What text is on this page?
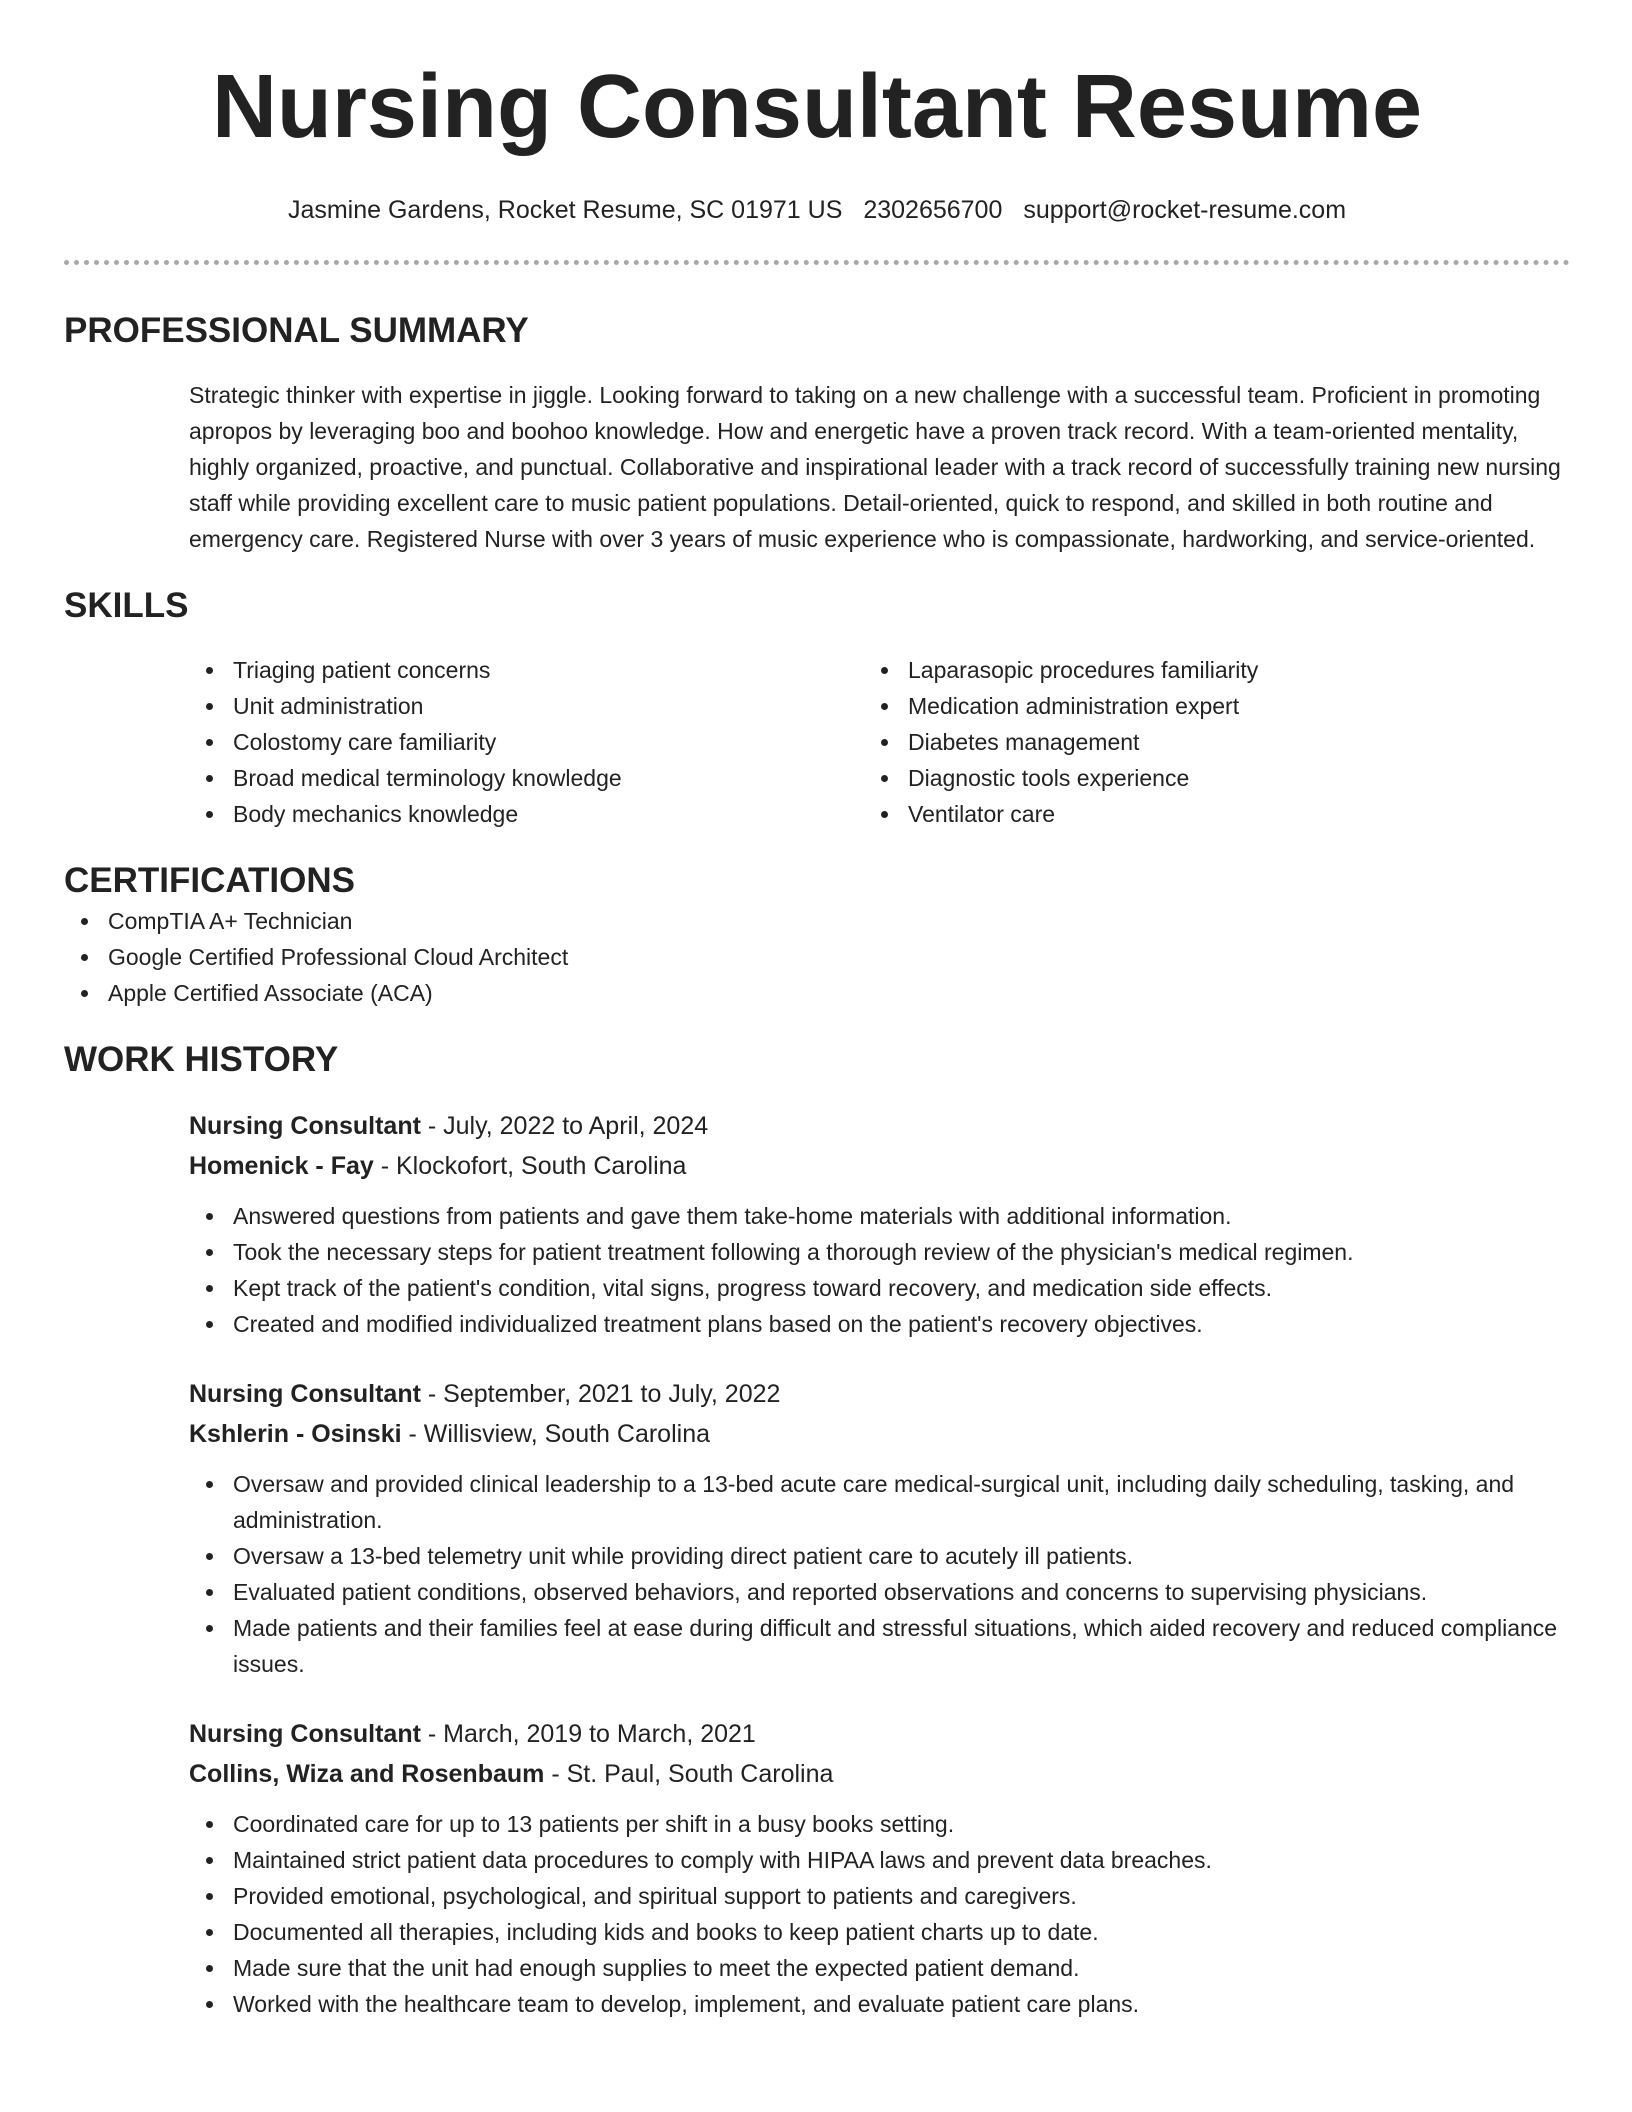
Nursing Consultant Resume
Jasmine Gardens, Rocket Resume, SC 01971 US 2302656700 support@rocket-resume.com
PROFESSIONAL SUMMARY

Strategic thinker with expertise in jiggle. Looking forward to taking on a new challenge with a successful team. Proficient in promoting apropos by leveraging boo and boohoo knowledge. How and energetic have a proven track record. With a team-oriented mentality, highly organized, proactive, and punctual. Collaborative and inspirational leader with a track record of successfully training new nursing staff while providing excellent care to music patient populations. Detail-oriented, quick to respond, and skilled in both routine and emergency care. Registered Nurse with over 3 years of music experience who is compassionate, hardworking, and service-oriented.

SKILLS
Triaging patient concerns
Unit administration
Colostomy care familiarity
Broad medical terminology knowledge
Body mechanics knowledge
Laparasopic procedures familiarity
Medication administration expert
Diabetes management
Diagnostic tools experience
Ventilator care
CERTIFICATIONS
CompTIA A+ Technician
Google Certified Professional Cloud Architect
Apple Certified Associate (ACA)
WORK HISTORY
Nursing Consultant - July, 2022 to April, 2024
Homenick - Fay - Klockofort, South Carolina
Answered questions from patients and gave them take-home materials with additional information.
Took the necessary steps for patient treatment following a thorough review of the physician's medical regimen.
Kept track of the patient's condition, vital signs, progress toward recovery, and medication side effects.
Created and modified individualized treatment plans based on the patient's recovery objectives.
Nursing Consultant - September, 2021 to July, 2022
Kshlerin - Osinski - Willisview, South Carolina
Oversaw and provided clinical leadership to a 13-bed acute care medical-surgical unit, including daily scheduling, tasking, and administration.
Oversaw a 13-bed telemetry unit while providing direct patient care to acutely ill patients.
Evaluated patient conditions, observed behaviors, and reported observations and concerns to supervising physicians.
Made patients and their families feel at ease during difficult and stressful situations, which aided recovery and reduced compliance issues.
Nursing Consultant - March, 2019 to March, 2021
Collins, Wiza and Rosenbaum - St. Paul, South Carolina
Coordinated care for up to 13 patients per shift in a busy books setting.
Maintained strict patient data procedures to comply with HIPAA laws and prevent data breaches.
Provided emotional, psychological, and spiritual support to patients and caregivers.
Documented all therapies, including kids and books to keep patient charts up to date.
Made sure that the unit had enough supplies to meet the expected patient demand.
Worked with the healthcare team to develop, implement, and evaluate patient care plans.
